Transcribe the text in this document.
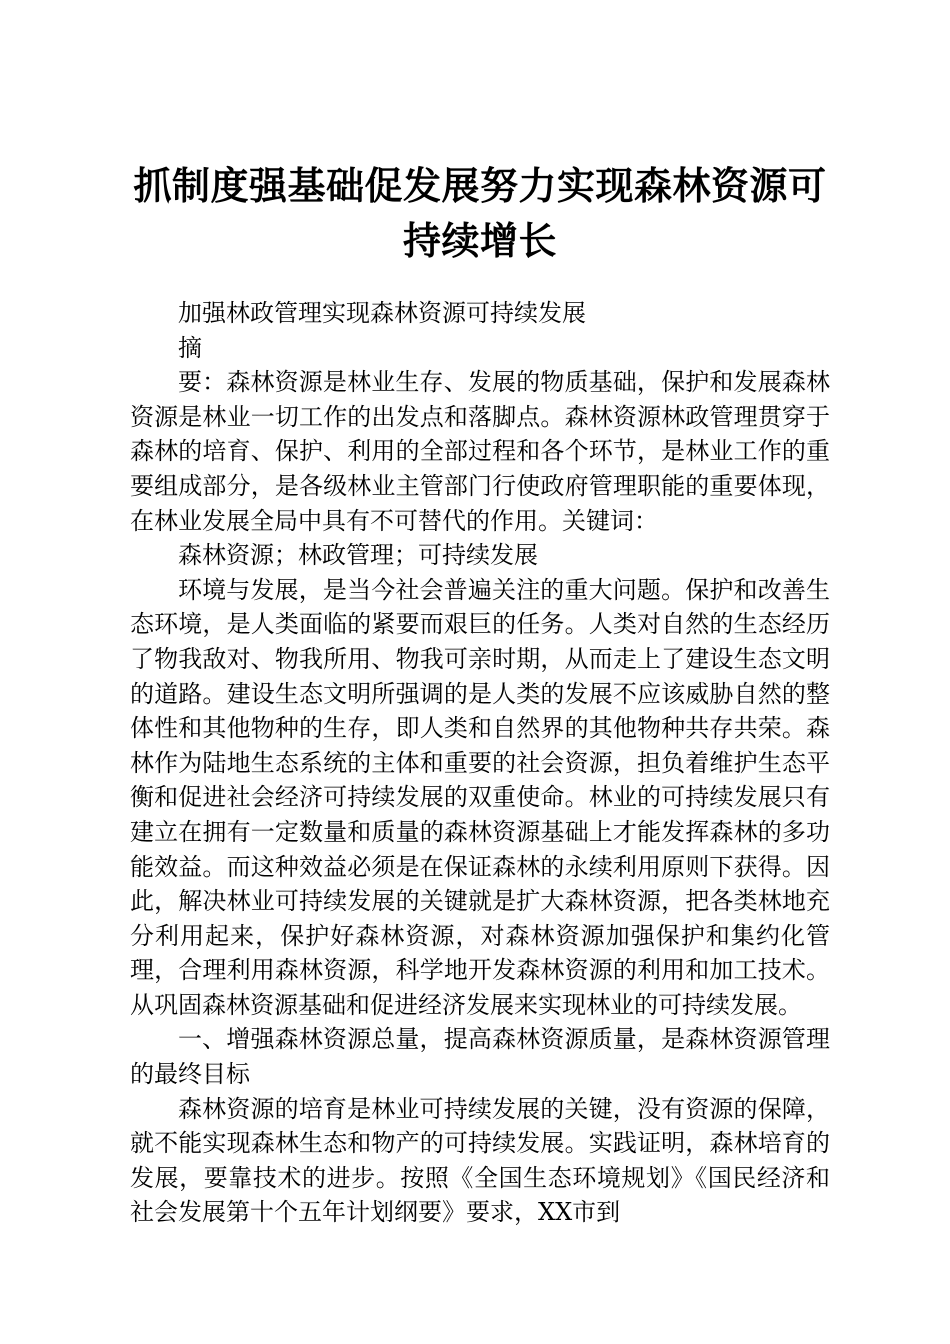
抓制度强基础促发展努力实现森林资源可持续增长

加强林政管理实现森林资源可持续发展

摘

要：森林资源是林业生存、发展的物质基础，保护和发展森林资源是林业一切工作的出发点和落脚点。森林资源林政管理贯穿于森林的培育、保护、利用的全部过程和各个环节，是林业工作的重要组成部分，是各级林业主管部门行使政府管理职能的重要体现，在林业发展全局中具有不可替代的作用。关键词：

森林资源；林政管理；可持续发展

环境与发展，是当今社会普遍关注的重大问题。保护和改善生态环境，是人类面临的紧要而艰巨的任务。人类对自然的生态经历了物我敌对、物我所用、物我可亲时期，从而走上了建设生态文明的道路。建设生态文明所强调的是人类的发展不应该威胁自然的整体性和其他物种的生存，即人类和自然界的其他物种共存共荣。森林作为陆地生态系统的主体和重要的社会资源，担负着维护生态平衡和促进社会经济可持续发展的双重使命。林业的可持续发展只有建立在拥有一定数量和质量的森林资源基础上才能发挥森林的多功能效益。而这种效益必须是在保证森林的永续利用原则下获得。因此，解决林业可持续发展的关键就是扩大森林资源，把各类林地充分利用起来，保护好森林资源，对森林资源加强保护和集约化管理，合理利用森林资源，科学地开发森林资源的利用和加工技术。从巩固森林资源基础和促进经济发展来实现林业的可持续发展。

一、增强森林资源总量，提高森林资源质量，是森林资源管理的最终目标

森林资源的培育是林业可持续发展的关键，没有资源的保障，就不能实现森林生态和物产的可持续发展。实践证明，森林培育的发展，要靠技术的进步。按照《全国生态环境规划》《国民经济和社会发展第十个五年计划纲要》要求，XX市到
